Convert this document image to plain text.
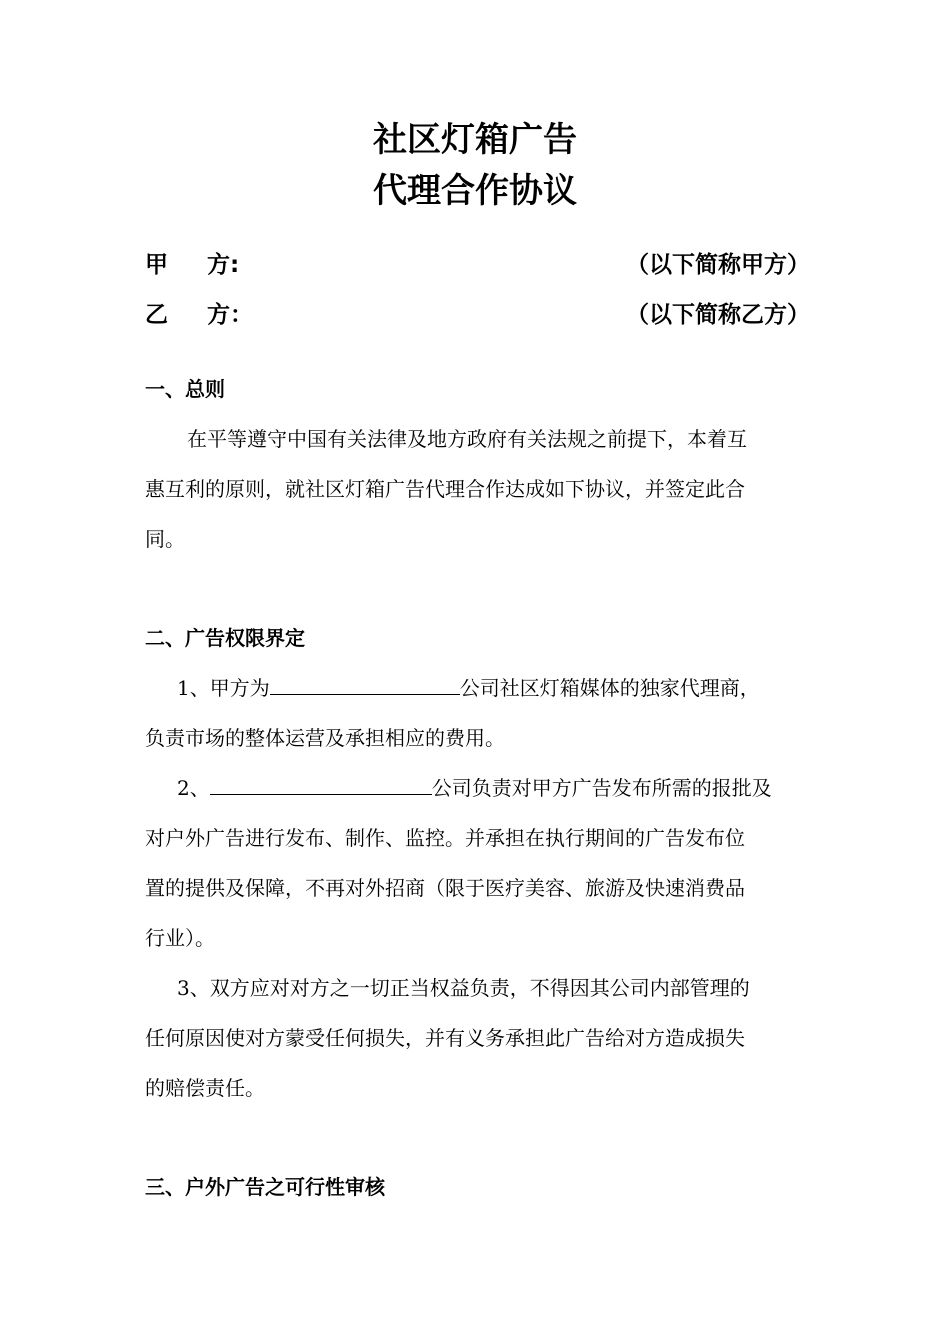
社区灯箱广告
代理合作协议
甲 方:	（以下简称甲方）
乙 方：	（以下简称乙方）
一、总则
在平等遵守中国有关法律及地方政府有关法规之前提下，本着互
惠互利的原则，就社区灯箱广告代理合作达成如下协议，并签定此合
同。
二、广告权限界定
1、甲方为	公司社区灯箱媒体的独家代理商，
负责市场的整体运营及承担相应的费用。
2、	公司负责对甲方广告发布所需的报批及
对户外广告进行发布、制作、监控。并承担在执行期间的广告发布位
置的提供及保障，不再对外招商（限于医疗美容、旅游及快速消费品
行业）。
3、双方应对对方之一切正当权益负责，不得因其公司内部管理的
任何原因使对方蒙受任何损失，并有义务承担此广告给对方造成损失
的赔偿责任。
三、户外广告之可行性审核
